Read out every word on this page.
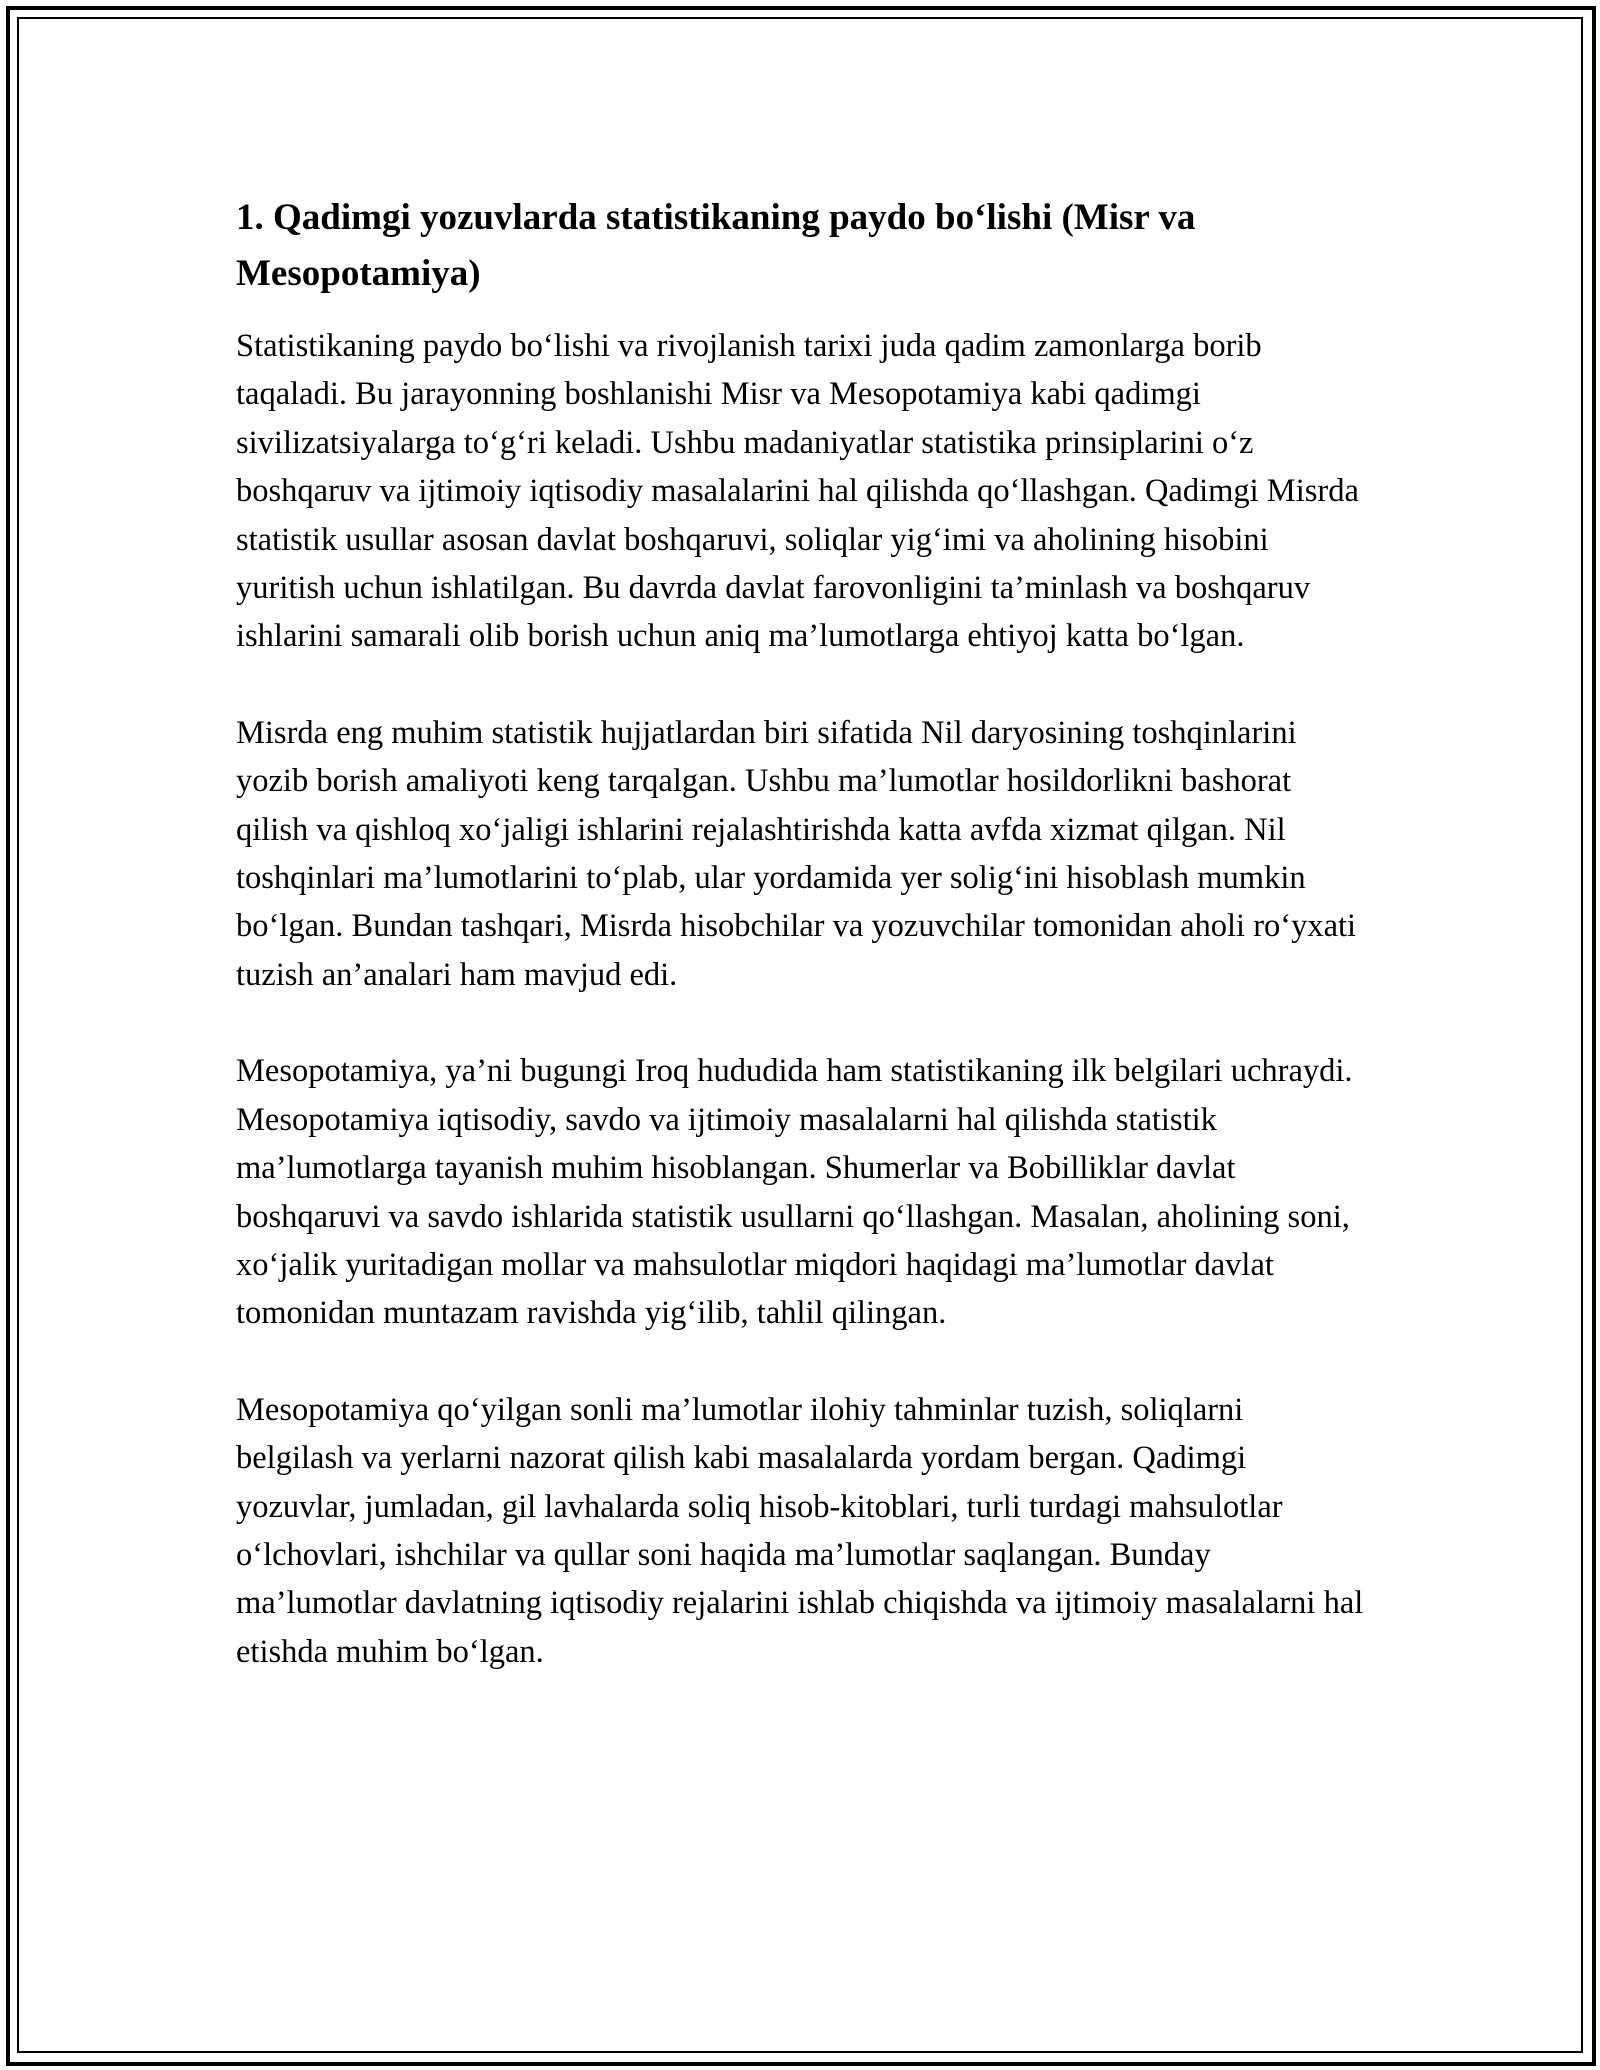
1. Qadimgi yozuvlarda statistikaning paydo bo‘lishi (Misr va Mesopotamiya)

Statistikaning paydo bo‘lishi va rivojlanish tarixi juda qadim zamonlarga borib taqaladi. Bu jarayonning boshlanishi Misr va Mesopotamiya kabi qadimgi sivilizatsiyalarga to‘g‘ri keladi. Ushbu madaniyatlar statistika prinsiplarini o‘z boshqaruv va ijtimoiy iqtisodiy masalalarini hal qilishda qo‘llashgan. Qadimgi Misrda statistik usullar asosan davlat boshqaruvi, soliqlar yig‘imi va aholining hisobini yuritish uchun ishlatilgan. Bu davrda davlat farovonligini ta’minlash va boshqaruv ishlarini samarali olib borish uchun aniq ma’lumotlarga ehtiyoj katta bo‘lgan.

Misrda eng muhim statistik hujjatlardan biri sifatida Nil daryosining toshqinlarini yozib borish amaliyoti keng tarqalgan. Ushbu ma’lumotlar hosildorlikni bashorat qilish va qishloq xo‘jaligi ishlarini rejalashtirishda katta avfda xizmat qilgan. Nil toshqinlari ma’lumotlarini to‘plab, ular yordamida yer solig‘ini hisoblash mumkin bo‘lgan. Bundan tashqari, Misrda hisobchilar va yozuvchilar tomonidan aholi ro‘yxati tuzish an’analari ham mavjud edi.

Mesopotamiya, ya’ni bugungi Iroq hududida ham statistikaning ilk belgilari uchraydi. Mesopotamiya iqtisodiy, savdo va ijtimoiy masalalarni hal qilishda statistik ma’lumotlarga tayanish muhim hisoblangan. Shumerlar va Bobilliklar davlat boshqaruvi va savdo ishlarida statistik usullarni qo‘llashgan. Masalan, aholining soni, xo‘jalik yuritadigan mollar va mahsulotlar miqdori haqidagi ma’lumotlar davlat tomonidan muntazam ravishda yig‘ilib, tahlil qilingan.

Mesopotamiya qo‘yilgan sonli ma’lumotlar ilohiy tahminlar tuzish, soliqlarni belgilash va yerlarni nazorat qilish kabi masalalarda yordam bergan. Qadimgi yozuvlar, jumladan, gil lavhalarda soliq hisob-kitoblari, turli turdagi mahsulotlar o‘lchovlari, ishchilar va qullar soni haqida ma’lumotlar saqlangan. Bunday ma’lumotlar davlatning iqtisodiy rejalarini ishlab chiqishda va ijtimoiy masalalarni hal etishda muhim bo‘lgan.
